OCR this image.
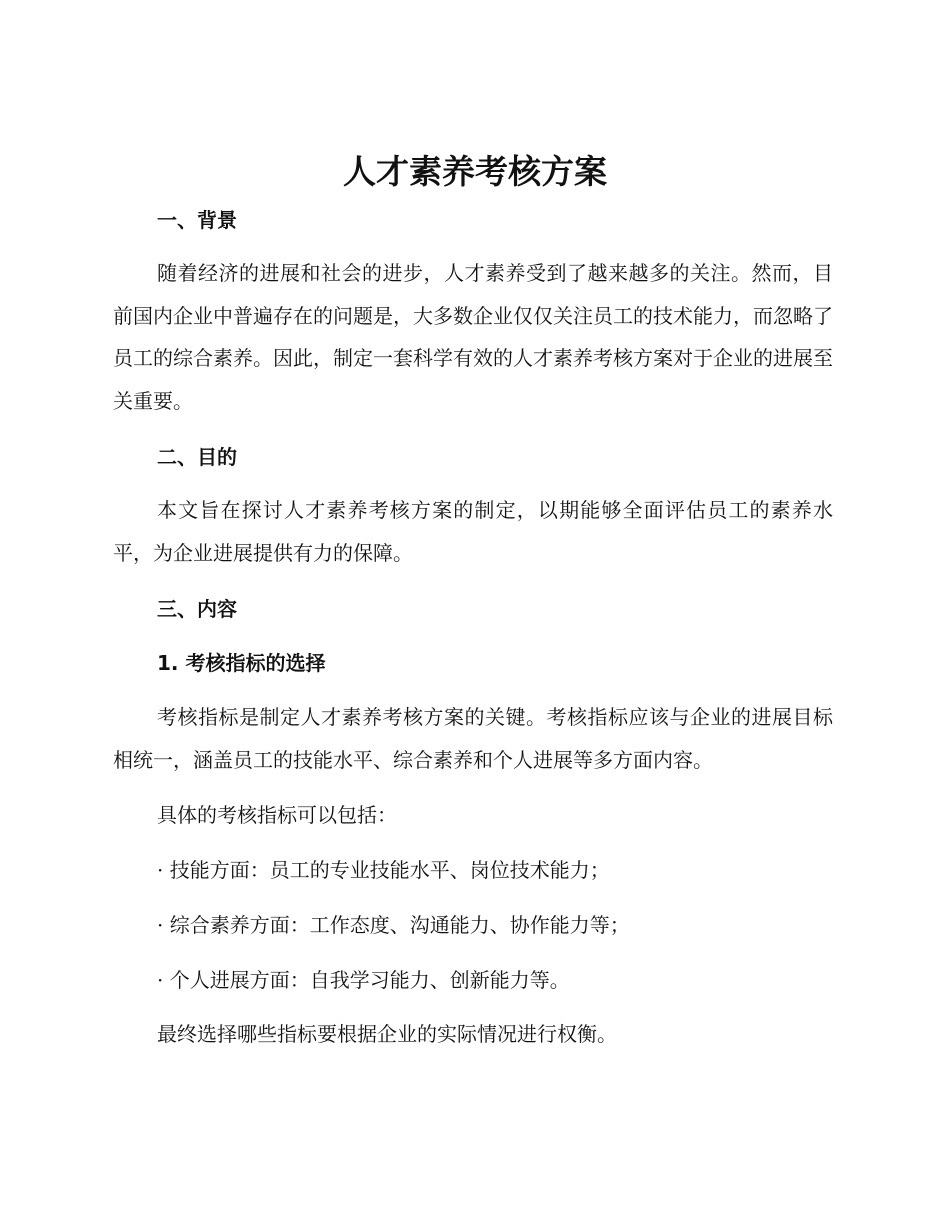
人才素养考核方案
一、背景

随着经济的进展和社会的进步，人才素养受到了越来越多的关注。然而，目前国内企业中普遍存在的问题是，大多数企业仅仅关注员工的技术能力，而忽略了员工的综合素养。因此，制定一套科学有效的人才素养考核方案对于企业的进展至关重要。

二、目的

本文旨在探讨人才素养考核方案的制定，以期能够全面评估员工的素养水平，为企业进展提供有力的保障。

三、内容
1. 考核指标的选择

考核指标是制定人才素养考核方案的关键。考核指标应该与企业的进展目标相统一，涵盖员工的技能水平、综合素养和个人进展等多方面内容。

具体的考核指标可以包括：

· 技能方面：员工的专业技能水平、岗位技术能力；

· 综合素养方面：工作态度、沟通能力、协作能力等；

· 个人进展方面：自我学习能力、创新能力等。

最终选择哪些指标要根据企业的实际情况进行权衡。
